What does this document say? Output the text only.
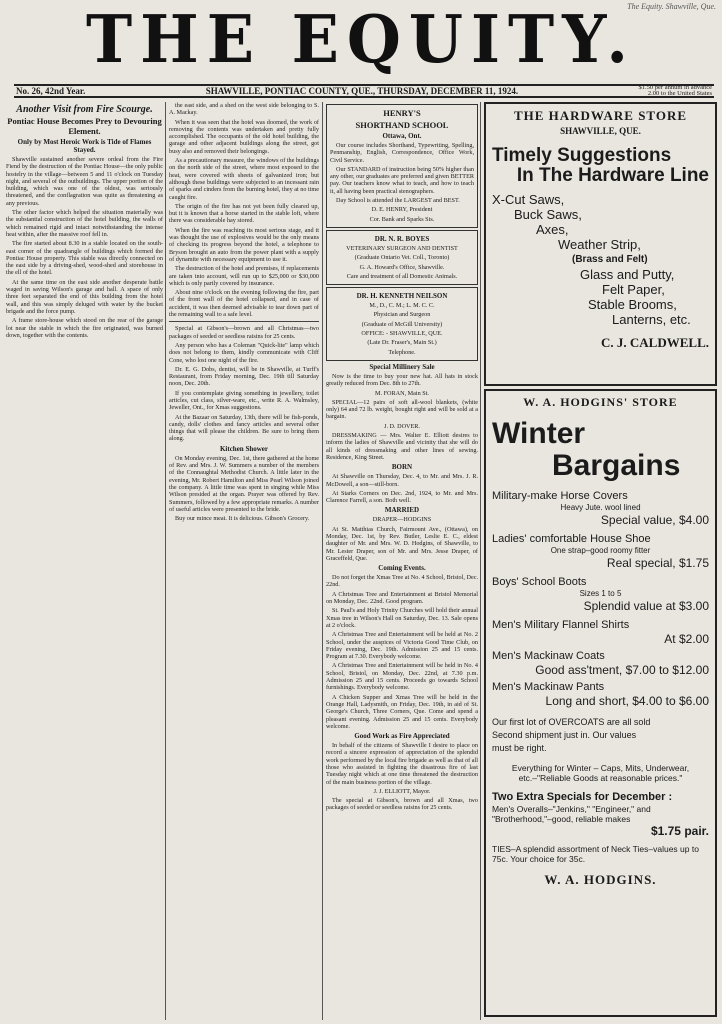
The Equity. Shawville, Que.
THE EQUITY.
No. 26, 42nd Year.	SHAWVILLE, PONTIAC COUNTY, QUE., THURSDAY, DECEMBER 11, 1924.	$1.50 per annum in advance
2.00 to the United States
Another Visit from Fire Scourge.
Pontiac House Becomes Prey to Devouring Element.
Only by Most Heroic Work is Tide of Flames Stayed.

Shawville sustained another severe ordeal from the Fire Fiend by the destruction of the Pontiac House—the only public hostelry in the village—between 5 and 11 o'clock on Tuesday night, and several of the outbuildings. The upper portion of the building, which was one of the oldest, was seriously threatened, and the conflagration was quite as threatening as any previous.

The other factor which helped the situation materially was the substantial construction of the hotel building, the walls of which remained rigid and intact notwithstanding the intense heat within, after the massive roof fell in.

The fire started about 8.30 in a stable located on the south-east corner of the quadrangle of buildings which formed the Pontiac House property. This stable was directly connected on the east side by a driving-shed, wood-shed and storehouse in the ell of the hotel.

At the same time on the east side another desperate battle waged in saving Wilson's garage and hall. A space of only three feet separated the end of this building from the hotel wall, and this was simply deluged with water by the bucket brigade and the force pump.

A frame store-house which stood on the rear of the garage lot near the stable in which the fire originated, was burned down, together with the contents.

the east side, and a shed on the west side belonging to S. A. Mackay.

When it was seen that the hotel was doomed, the work of removing the contents was undertaken and pretty fully accomplished. The occupants of the old hotel building, the garage and other adjacent buildings along the street, got busy also and removed their belongings.

As a precautionary measure, the windows of the buildings on the north side of the street, where most exposed to the heat, were covered with sheets of galvanized iron; but although these buildings were subjected to an incessant rain of sparks and cinders from the burning hotel, they at no time caught fire.

The origin of the fire has not yet been fully cleared up, but it is known that a horse started in the stable loft, where there was considerable hay stored.

When the fire was reaching its most serious stage, and it was thought the use of explosives would be the only means of checking its progress beyond the hotel, a telephone to Bryson brought an auto from the power plant with a supply of dynamite with necessary equipment to use it.

The destruction of the hotel and premises, if replacements are taken into account, will run up to $25,000 or $30,000 which is only partly covered by insurance.

About nine o'clock on the evening following the fire, part of the front wall of the hotel collapsed, and in case of accident, it was then deemed advisable to tear down part of the remaining wall to a safe level.

Special at Gibson's—brown and all Christmas—two packages of seeded or seedless raisins for 25 cents.

Any person who has a Coleman "Quick-lite" lamp which does not belong to them, kindly communicate with Cliff Cone, who lost one night of the fire.

Dr. E. G. Dobs, dentist, will be in Shawville, at Turff's Restaurant, from Friday morning, Dec. 19th till Saturday noon, Dec. 20th.

If you contemplate giving something in jewellery, toilet articles, cut class, silver-ware, etc., write R. A. Walmsley, Jeweller, Ont., for Xmas suggestions.

At the Bazaar on Saturday, 13th, there will be fish-ponds, candy, dolls' clothes and fancy articles and several other things that will please the children. Be sure to bring them along.

Kitchen Shower

On Monday evening, Dec. 1st, there gathered at the home of Rev. and Mrs. J. W. Summers a number of the members of the Connaughtal Methodist Church. A little later in the evening, Mr. Robert Hamilton and Miss Pearl Wilson joined the company. A little time was spent in singing while Miss Wilson presided at the organ. Prayer was offered by Rev. Summers, followed by a few appropriate remarks. A number of useful articles were presented to the bride.

Buy our mince meat. It is delicious. Gibson's Grocery.

HENRY'S
SHORTHAND SCHOOL
Ottawa, Ont.

Our course includes Shorthand, Typewriting, Spelling, Penmanship, English, Correspondence, Office Work, Civil Service.

Our STANDARD of instruction being 50% higher than any other, our graduates are preferred and given BETTER pay. Our teachers know what to teach, and how to teach it, all having been practical stenographers.

Day School is attended the LARGEST and BEST.

D. E. HENRY, President

Cor. Bank and Sparks Sts.

DR. N. R. BOYES

VETERINARY SURGEON AND DENTIST

(Graduate Ontario Vet. Coll., Toronto)

G. A. Howard's Office, Shawville.

Care and treatment of all Domestic Animals.

DR. H. KENNETH NEILSON

M., D., C. M.; L. M. C. C.

Physician and Surgeon

(Graduate of McGill University)

OFFICE: - SHAWVILLE, QUE.

(Late Dr. Fraser's, Main St.)

Telephone.

Special Millinery Sale

Now is the time to buy your new hat. All hats in stock greatly reduced from Dec. 8th to 27th.

M. FORAN, Main St.

SPECIAL—12 pairs of soft all-wool blankets, (white only) 64 and 72 lb. weight, bought right and will be sold at a bargain.

J. D. DOVER.

DRESSMAKING — Mrs. Walter E. Elliott desires to inform the ladies of Shawville and vicinity that she will do all kinds of dressmaking and other lines of sewing. Residence, King Street.

BORN

At Shawville on Thursday, Dec. 4, to Mr. and Mrs. J. R. McDowell, a son—still-born.

At Starks Corners on Dec. 2nd, 1924, to Mr. and Mrs. Clarence Farrell, a son. Both well.

MARRIED

DRAPER—HODGINS

At St. Matthias Church, Fairmount Ave., (Ottawa), on Monday, Dec. 1st, by Rev. Butler, Leslie E. C., eldest daughter of Mr. and Mrs. W. D. Hodgins, of Shawville, to Mr. Lester Draper, son of Mr. and Mrs. Jesse Draper, of Graceffeld, Que.

Coming Events.

Do not forget the Xmas Tree at No. 4 School, Bristol, Dec. 22nd.

A Christmas Tree and Entertainment at Bristol Memorial on Monday, Dec. 22nd. Good program.

St. Paul's and Holy Trinity Churches will hold their annual Xmas tree in Wilson's Hall on Saturday, Dec. 13. Sale opens at 2 o'clock.

A Christmas Tree and Entertainment will be held at No. 2 School, under the auspices of Victoria Good Time Club, on Friday evening, Dec. 19th. Admission 25 and 15 cents. Program at 7.30. Everybody welcome.

A Christmas Tree and Entertainment will be held in No. 4 School, Bristol, on Monday, Dec. 22nd, at 7.30 p.m. Admission 25 and 15 cents. Proceeds go towards School furnishings. Everybody welcome.

A Chicken Supper and Xmas Tree will be held in the Orange Hall, Ladysmith, on Friday, Dec. 19th, in aid of St. George's Church, Three Corners, Que. Come and spend a pleasant evening. Admission 25 and 15 cents. Everybody welcome.

Good Work as Fire Appreciated

In behalf of the citizens of Shawville I desire to place on record a sincere expression of appreciation of the splendid work performed by the local fire brigade as well as that of all those who assisted in fighting the disastrous fire of last Tuesday night which at one time threatened the destruction of the main business portion of the village.

J. J. ELLIOTT, Mayor.

The special at Gibson's, brown and all Xmas, two packages of seeded or seedless raisins for 25 cents.

THE HARDWARE STORE
SHAWVILLE, QUE.
Timely Suggestions
In The Hardware Line
X-Cut Saws,
Buck Saws,
Axes,
Weather Strip,
(Brass and Felt)
Glass and Putty,
Felt Paper,
Stable Brooms,
Lanterns, etc.
C. J. CALDWELL.
W. A. HODGINS' STORE
Winter
Bargains
Military-make Horse Covers
Heavy Jute. wool lined
Special value, $4.00
Ladies' comfortable House Shoe
One strap–good roomy fitter
Real special, $1.75
Boys' School Boots
Sizes 1 to 5
Splendid value at $3.00
Men's Military Flannel Shirts
At $2.00
Men's Mackinaw Coats
Good ass'tment, $7.00 to $12.00
Men's Mackinaw Pants
Long and short, $4.00 to $6.00
Our first lot of OVERCOATS are all sold
Second shipment just in. Our values
must be right.
Everything for Winter – Caps, Mits, Underwear, etc.–"Reliable Goods at reasonable prices."
Two Extra Specials for December :
Men's Overalls–"Jenkins," "Engineer," and "Brotherhood,"–good, reliable makes
$1.75 pair.
TIES–A splendid assortment of Neck Ties–values up to 75c. Your choice for 35c.
W. A. HODGINS.
